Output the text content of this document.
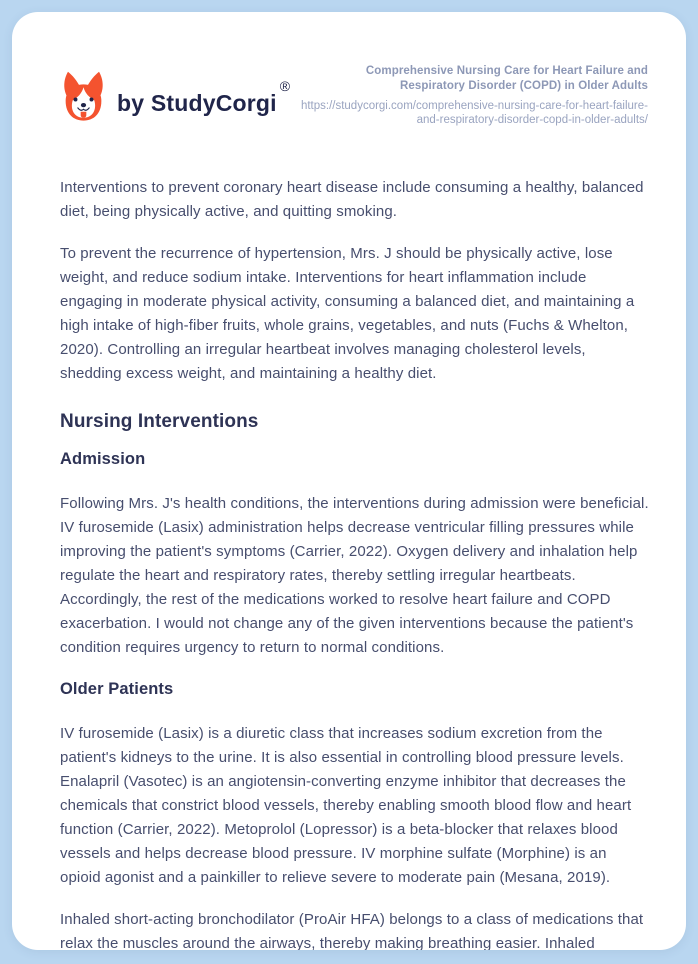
by StudyCorgi
®
Comprehensive Nursing Care for Heart Failure and Respiratory Disorder (COPD) in Older Adults
https://studycorgi.com/comprehensive-nursing-care-for-heart-failure-and-respiratory-disorder-copd-in-older-adults/

Interventions to prevent coronary heart disease include consuming a healthy, balanced diet, being physically active, and quitting smoking.

To prevent the recurrence of hypertension, Mrs. J should be physically active, lose weight, and reduce sodium intake. Interventions for heart inflammation include engaging in moderate physical activity, consuming a balanced diet, and maintaining a high intake of high-fiber fruits, whole grains, vegetables, and nuts (Fuchs & Whelton, 2020). Controlling an irregular heartbeat involves managing cholesterol levels, shedding excess weight, and maintaining a healthy diet.

Nursing Interventions
Admission

Following Mrs. J's health conditions, the interventions during admission were beneficial. IV furosemide (Lasix) administration helps decrease ventricular filling pressures while improving the patient's symptoms (Carrier, 2022). Oxygen delivery and inhalation help regulate the heart and respiratory rates, thereby settling irregular heartbeats. Accordingly, the rest of the medications worked to resolve heart failure and COPD exacerbation. I would not change any of the given interventions because the patient's condition requires urgency to return to normal conditions.

Older Patients

IV furosemide (Lasix) is a diuretic class that increases sodium excretion from the patient's kidneys to the urine. It is also essential in controlling blood pressure levels. Enalapril (Vasotec) is an angiotensin-converting enzyme inhibitor that decreases the chemicals that constrict blood vessels, thereby enabling smooth blood flow and heart function (Carrier, 2022). Metoprolol (Lopressor) is a beta-blocker that relaxes blood vessels and helps decrease blood pressure. IV morphine sulfate (Morphine) is an opioid agonist and a painkiller to relieve severe to moderate pain (Mesana, 2019).

Inhaled short-acting bronchodilator (ProAir HFA) belongs to a class of medications that relax the muscles around the airways, thereby making breathing easier. Inhaled
